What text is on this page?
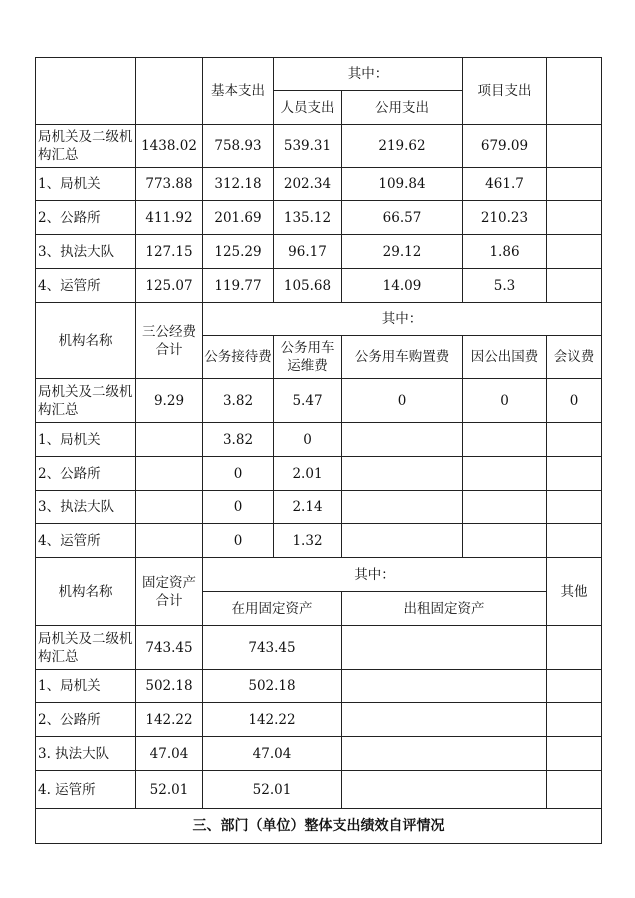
		基本支出	其中：		项目支出	
			人员支出	公用支出		
局机关及二级机构汇总	1438.02	758.93	539.31	219.62	679.09	
1、局机关	773.88	312.18	202.34	109.84	461.7	
2、公路所	411.92	201.69	135.12	66.57	210.23	
3、执法大队	127.15	125.29	96.17	29.12	1.86	
4、运管所	125.07	119.77	105.68	14.09	5.3	
机构名称	三公经费合计	其中：				
		公务接待费	公务用车运维费	公务用车购置费	因公出国费	会议费
局机关及二级机构汇总	9.29	3.82	5.47	0	0	0
1、局机关		3.82	0			
2、公路所		0	2.01			
3、执法大队		0	2.14			
4、运管所		0	1.32			
机构名称	固定资产合计	其中：				其他
		在用固定资产		出租固定资产		
局机关及二级机构汇总	743.45	743.45				
1、局机关	502.18	502.18				
2、公路所	142.22	142.22				
3. 执法大队	47.04	47.04				
4. 运管所	52.01	52.01				
三、部门（单位）整体支出绩效自评情况						
